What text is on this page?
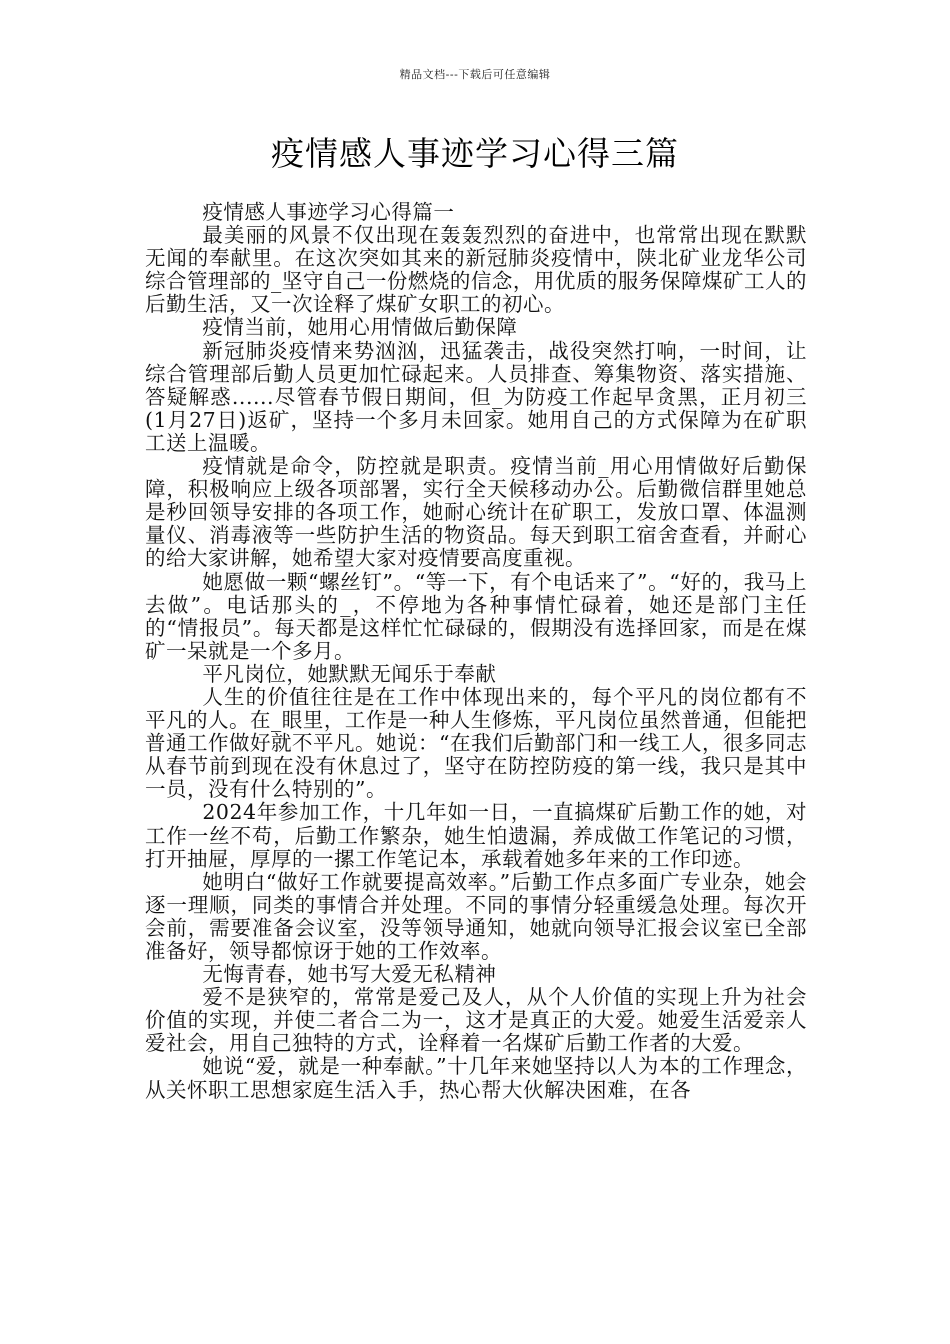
精品文档---下载后可任意编辑
疫情感人事迹学习心得三篇

疫情感人事迹学习心得篇一

最美丽的风景不仅出现在轰轰烈烈的奋进中，也常常出现在默默无闻的奉献里。在这次突如其来的新冠肺炎疫情中，陕北矿业龙华公司综合管理部的_坚守自己一份燃烧的信念，用优质的服务保障煤矿工人的后勤生活，又一次诠释了煤矿女职工的初心。

疫情当前，她用心用情做后勤保障

新冠肺炎疫情来势汹汹，迅猛袭击，战役突然打响，一时间，让综合管理部后勤人员更加忙碌起来。人员排查、筹集物资、落实措施、答疑解惑......尽管春节假日期间，但_为防疫工作起早贪黑，正月初三(1月27日)返矿，坚持一个多月未回家。她用自己的方式保障为在矿职工送上温暖。

疫情就是命令，防控就是职责。疫情当前_用心用情做好后勤保障，积极响应上级各项部署，实行全天候移动办公。后勤微信群里她总是秒回领导安排的各项工作，她耐心统计在矿职工，发放口罩、体温测量仪、消毒液等一些防护生活的物资品。每天到职工宿舍查看，并耐心的给大家讲解，她希望大家对疫情要高度重视。

她愿做一颗“螺丝钉”。“等一下，有个电话来了”。“好的，我马上去做”。电话那头的_，不停地为各种事情忙碌着，她还是部门主任的“情报员”。每天都是这样忙忙碌碌的，假期没有选择回家，而是在煤矿一呆就是一个多月。

平凡岗位，她默默无闻乐于奉献

人生的价值往往是在工作中体现出来的，每个平凡的岗位都有不平凡的人。在_眼里，工作是一种人生修炼，平凡岗位虽然普通，但能把普通工作做好就不平凡。她说：“在我们后勤部门和一线工人，很多同志从春节前到现在没有休息过了，坚守在防控防疫的第一线，我只是其中一员，没有什么特别的”。

2024年参加工作，十几年如一日，一直搞煤矿后勤工作的她，对工作一丝不苟，后勤工作繁杂，她生怕遗漏，养成做工作笔记的习惯，打开抽屉，厚厚的一摞工作笔记本，承载着她多年来的工作印迹。

她明白“做好工作就要提高效率。”后勤工作点多面广专业杂，她会逐一理顺，同类的事情合并处理。不同的事情分轻重缓急处理。每次开会前，需要准备会议室，没等领导通知，她就向领导汇报会议室已全部准备好，领导都惊讶于她的工作效率。

无悔青春，她书写大爱无私精神

爱不是狭窄的，常常是爱己及人，从个人价值的实现上升为社会价值的实现，并使二者合二为一，这才是真正的大爱。她爱生活爱亲人爱社会，用自己独特的方式，诠释着一名煤矿后勤工作者的大爱。

她说“爱，就是一种奉献。”十几年来她坚持以人为本的工作理念，从关怀职工思想家庭生活入手，热心帮大伙解决困难，在各
